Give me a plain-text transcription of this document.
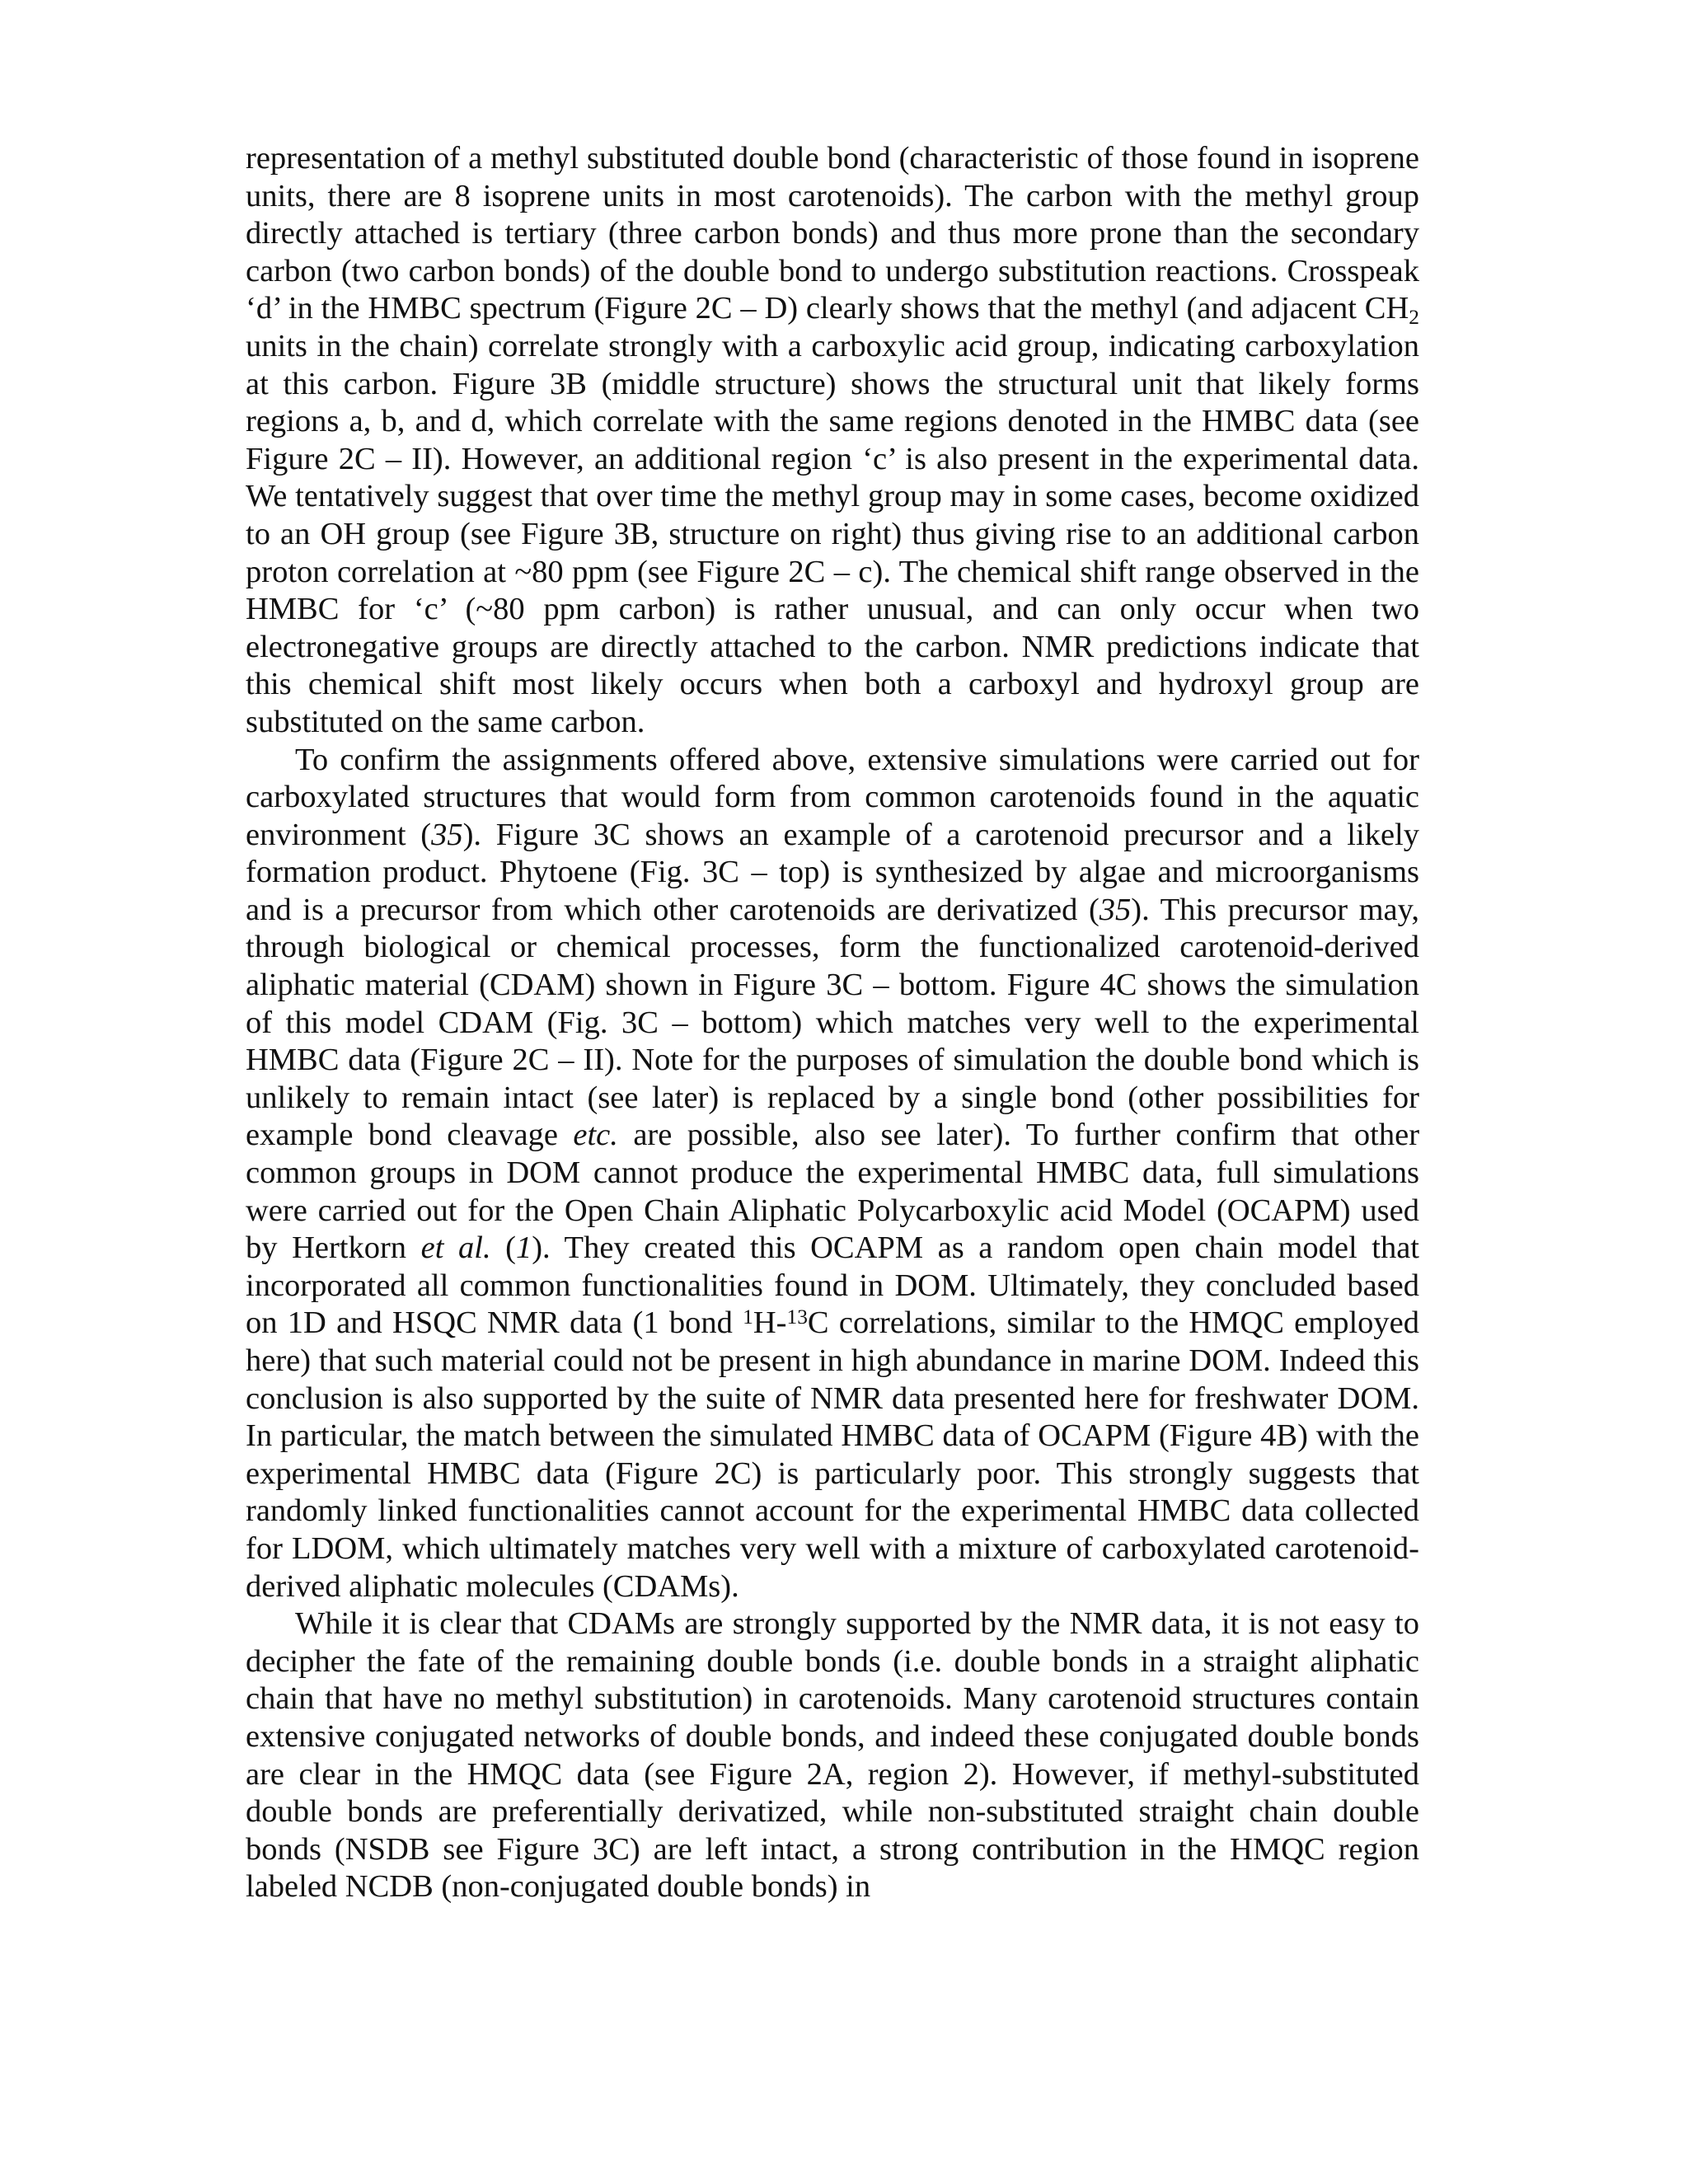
representation of a methyl substituted double bond (characteristic of those found in isoprene units, there are 8 isoprene units in most carotenoids). The carbon with the methyl group directly attached is tertiary (three carbon bonds) and thus more prone than the secondary carbon (two carbon bonds) of the double bond to undergo substitution reactions. Crosspeak ‘d’ in the HMBC spectrum (Figure 2C – D) clearly shows that the methyl (and adjacent $CH_2$ units in the chain) correlate strongly with a carboxylic acid group, indicating carboxylation at this carbon. Figure 3B (middle structure) shows the structural unit that likely forms regions a, b, and d, which correlate with the same regions denoted in the HMBC data (see Figure 2C – II). However, an additional region ‘c’ is also present in the experimental data. We tentatively suggest that over time the methyl group may in some cases, become oxidized to an OH group (see Figure 3B, structure on right) thus giving rise to an additional carbon proton correlation at ~80 ppm (see Figure 2C – c). The chemical shift range observed in the HMBC for ‘c’ (~80 ppm carbon) is rather unusual, and can only occur when two electronegative groups are directly attached to the carbon. NMR predictions indicate that this chemical shift most likely occurs when both a carboxyl and hydroxyl group are substituted on the same carbon.

To confirm the assignments offered above, extensive simulations were carried out for carboxylated structures that would form from common carotenoids found in the aquatic environment (35). Figure 3C shows an example of a carotenoid precursor and a likely formation product. Phytoene (Fig. 3C – top) is synthesized by algae and microorganisms and is a precursor from which other carotenoids are derivatized (35). This precursor may, through biological or chemical processes, form the functionalized carotenoid-derived aliphatic material (CDAM) shown in Figure 3C – bottom. Figure 4C shows the simulation of this model CDAM (Fig. 3C – bottom) which matches very well to the experimental HMBC data (Figure 2C – II). Note for the purposes of simulation the double bond which is unlikely to remain intact (see later) is replaced by a single bond (other possibilities for example bond cleavage etc. are possible, also see later). To further confirm that other common groups in DOM cannot produce the experimental HMBC data, full simulations were carried out for the Open Chain Aliphatic Polycarboxylic acid Model (OCAPM) used by Hertkorn et al. (1). They created this OCAPM as a random open chain model that incorporated all common functionalities found in DOM. Ultimately, they concluded based on 1D and HSQC NMR data (1 bond $^1$H-$^{13}$C correlations, similar to the HMQC employed here) that such material could not be present in high abundance in marine DOM. Indeed this conclusion is also supported by the suite of NMR data presented here for freshwater DOM. In particular, the match between the simulated HMBC data of OCAPM (Figure 4B) with the experimental HMBC data (Figure 2C) is particularly poor. This strongly suggests that randomly linked functionalities cannot account for the experimental HMBC data collected for LDOM, which ultimately matches very well with a mixture of carboxylated carotenoid-derived aliphatic molecules (CDAMs).

While it is clear that CDAMs are strongly supported by the NMR data, it is not easy to decipher the fate of the remaining double bonds (i.e. double bonds in a straight aliphatic chain that have no methyl substitution) in carotenoids. Many carotenoid structures contain extensive conjugated networks of double bonds, and indeed these conjugated double bonds are clear in the HMQC data (see Figure 2A, region 2). However, if methyl-substituted double bonds are preferentially derivatized, while non-substituted straight chain double bonds (NSDB see Figure 3C) are left intact, a strong contribution in the HMQC region labeled NCDB (non-conjugated double bonds) in
